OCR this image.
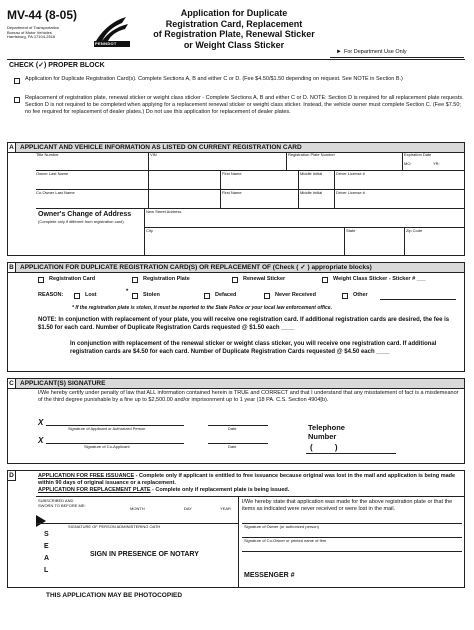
MV-44 (8-05)
Department of Transportation
Bureau of Motor Vehicles
Harrisburg, PA 17104-2516
PENNDOT
Application for Duplicate
Registration Card, Replacement
of Registration Plate, Renewal Sticker
or Weight Class Sticker
► For Department Use Only
CHECK (✓) PROPER BLOCK
Application for Duplicate Registration Card(s). Complete Sections A, B and either C or D. (Fee $4.50/$1.50 depending on request. See NOTE in Section B.)
Replacement of registration plate, renewal sticker or weight class sticker - Complete Sections A, B and either C or D. NOTE: Section D is required for all replacement plate requests. Section D is not required to be completed when applying for a replacement renewal sticker or weight class sticker. Instead, the vehicle owner must complete Section C. (Fee $7.50; no fee required for replacement of dealer plates.) Do not use this application for replacement of dealer plates.
A APPLICANT AND VEHICLE INFORMATION AS LISTED ON CURRENT REGISTRATION CARD
Title Number	VIN	Registration Plate Number	Expiration Date
MO:	YR:
Owner Last Name	First Name	Middle Initial	Driver License #
Co-Owner Last Name	First Name	Middle Initial	Driver License #
Owner's Change of Address
(Complete only if different from registration card)
New Street Address
City	State	Zip Code
B APPLICATION FOR DUPLICATE REGISTRATION CARD(S) OR REPLACEMENT OF (Check ( ✓ ) appropriate blocks)
Registration Card	Registration Plate	Renewal Sticker	Weight Class Sticker - Sticker # ___
REASON:	Lost	*	Stolen	Defaced	Never Received	Other
* If the registration plate is stolen, it must be reported to the State Police or your local law enforcement office.
NOTE: In conjunction with replacement of your plate, you will receive one registration card. If additional registration cards are desired, the fee is $1.50 for each card. Number of Duplicate Registration Cards requested @ $1.50 each ____
In conjunction with replacement of the renewal sticker or weight class sticker, you will receive one registration card. If additional registration cards are $4.50 for each card. Number of Duplicate Registration Cards requested @ $4.50 each ____
C APPLICANT(S) SIGNATURE
I/We hereby certify under penalty of law that ALL information contained herein is TRUE and CORRECT and that I understand that any misstatement of fact is a misdemeanor of the third degree punishable by a fine up to $2,500.00 and/or imprisonment up to 1 year (18 PA. C.S. Section 4904[b).
X
Signature of Applicant or Authorized Person	Date
X
Signature of Co-Applicant	Date
Telephone
Number
(          )
D	APPLICATION FOR FREE ISSUANCE - Complete only if applicant is entitled to free issuance because original was lost in the mail and application is being made within 90 days of original issuance or a replacement.
APPLICATION FOR REPLACEMENT PLATE - Complete only if replacement plate is being issued.
SUBSCRIBED AND SWORN TO BEFORE ME:
MONTH	DAY	YEAR
I/We hereby state that application was made for the above registration plate or that the items as indicated were never received or were lost in the mail.
SIGNATURE OF PERSON ADMINISTERING OATH	Signature of Owner (or authorized person)
Signature of Co-Owner or printed name of firm
S
E
A
L
SIGN IN PRESENCE OF NOTARY
MESSENGER #
THIS APPLICATION MAY BE PHOTOCOPIED
